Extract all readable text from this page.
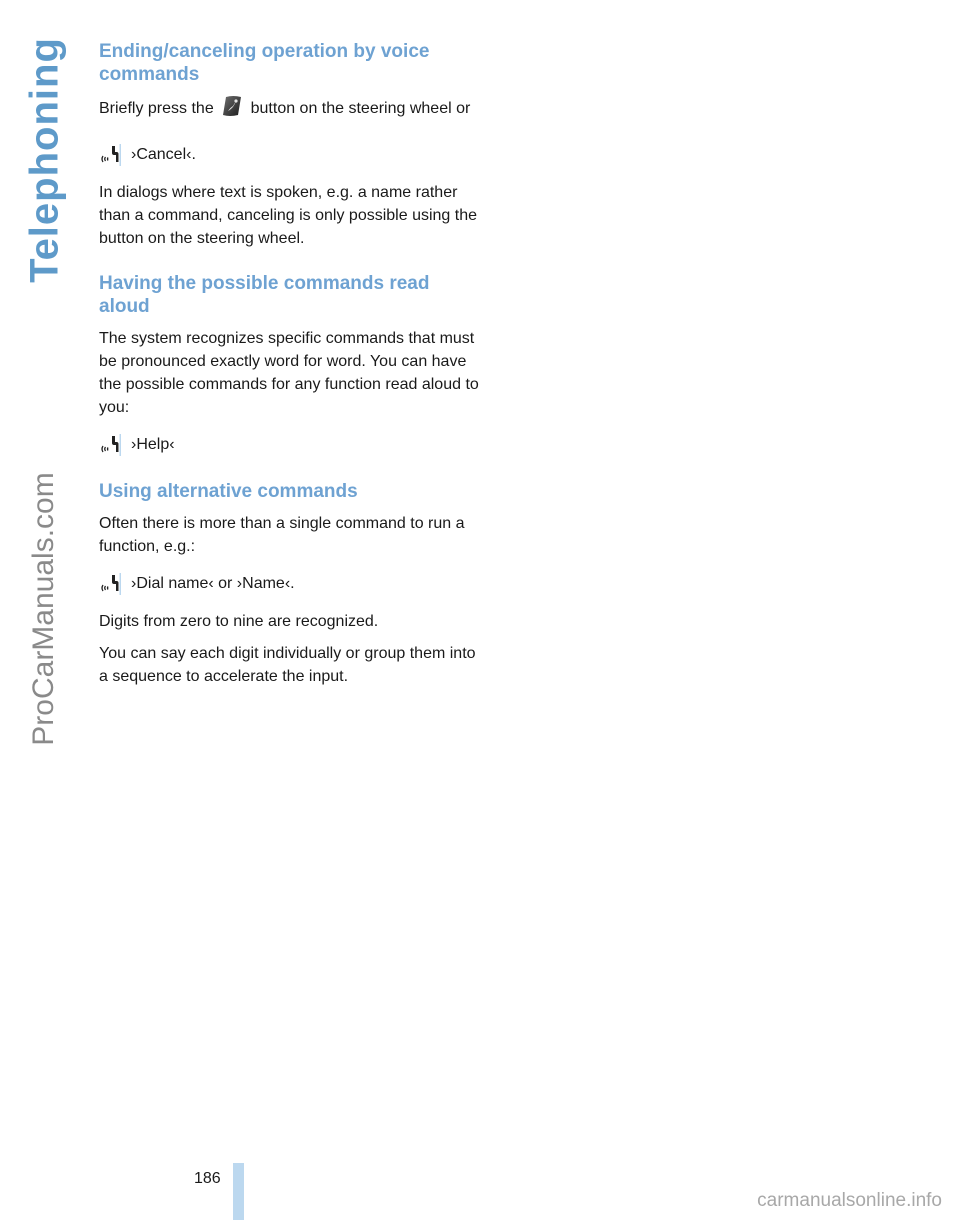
Telephoning
ProCarManuals.com
Ending/canceling operation by voice commands

Briefly press the button on the steering wheel or

›Cancel‹.

In dialogs where text is spoken, e.g. a name rather than a command, canceling is only possible using the button on the steering wheel.

Having the possible commands read aloud

The system recognizes specific commands that must be pronounced exactly word for word. You can have the possible commands for any function read aloud to you:

›Help‹
Using alternative commands

Often there is more than a single command to run a function, e.g.:

›Dial name‹ or ›Name‹.

Digits from zero to nine are recognized.

You can say each digit individually or group them into a sequence to accelerate the input.

186
carmanualsonline.info
